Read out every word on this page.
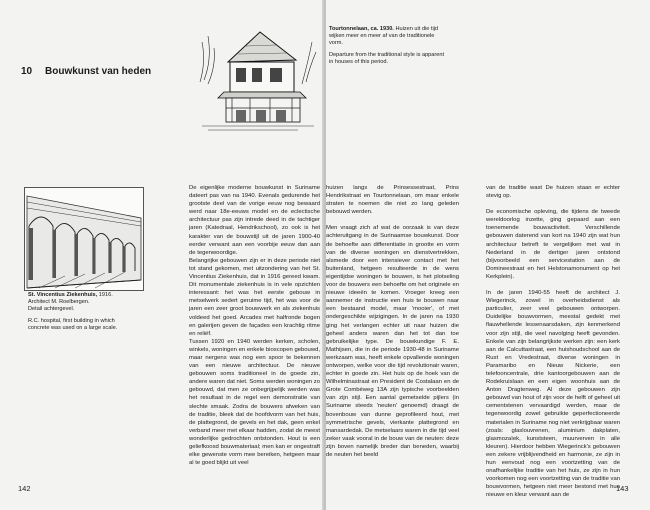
10 Bouwkunst van heden
St. Vincentius Ziekenhuis, 1916.
Architect M. Roelbergen.
Detail achtergevel.
R.C. hospital, first building in which concrete was used on a large scale.

De eigenlijke moderne bouwkunst in Suriname dateert pas van na 1940. Evenals gedurende het grootste deel van de vorige eeuw nog bewaard werd naar 18e-eeuws model en de eclectische architectuur pas zijn intrede deed in de tachtiger jaren (Katedraal, Hendrikschool), zo ook is het karakter van de bouwstijl uit de jaren 1900-40 eerder verwant aan een voorbije eeuw dan aan de tegenwoordige.

Belangrijke gebouwen zijn er in deze periode niet tot stand gekomen, met uitzondering van het St. Vincentius Ziekenhuis, dat in 1916 gereed kwam. Dit monumentale ziekenhuis is in vele opzichten interessant: het was het eerste gebouw in metselwerk sedert geruime tijd, het was voor de jaren een zeer groot bouwwerk en als ziekenhuis voldeed het goed. Arcades met halfronde bogen en galerijen geven de façades een krachtig ritme en reliëf.

Tussen 1920 en 1940 werden kerken, scholen, winkels, woningen en enkele bioscopen gebouwd, maar nergens was nog een spoor te bekennen van een nieuwe architectuur. De nieuwe gebouwen soms traditioneel in de goede zin, andere waren dat niet. Soms werden woningen zo gebouwd, dat men ze onbegrijpelijk werden was het resultaat in de regel een demonstratie van slechte smaak. Zodra de bouwers afweken van de traditie, bleek dat de hoofdvorm van het huis, de plattegrond, de gevels en het dak, geen enkel verband meer met elkaar hadden, zodat de meest wonderlijke gedrochten ontstonden. Hout is een geliefkoosd bouwmateriaal; men kan er ongestraft elke gewenste vorm mee bereiken, hetgeen maar al te goed blijkt uit veel

142

huizen langs de Prinsessestraat, Prins Hendrikstraat en Tourtonnelaan, om maar enkele straten te noemen die niet zo lang geleden bebouwd werden.

Men vraagt zich af wat de oorzaak is van deze achteruitgang in de Surinaamse bouwkunst. Door de behoefte aan differentiatie in grootte en vorm van de diverse woningen en dienstvertrekken, alsmede door een intensiever contact met het buitenland, hetgeen resulteerde in de wens eigentijdse woningen te bouwen, is het plotseling voor de bouwers een behoefte om het originele en nieuwe ideeën te komen. Vroeger kreeg een aannemer de instructie een huis te bouwen naar een bestaand model, maar 'mooier', of met ondergeschikte wijzigingen. In de jaren na 1930 ging het verlangen echter uit naar huizen die geheel anders waren dan het tot dan toe gebruikelijke type. De bouwkundige F. E. Mathijsen, die in de periode 1930-48 in Suriname werkzaam was, heeft enkele opvallende woningen ontworpen, welke voor die tijd revolutionair waren, echter in goede zin. Het huis op de hoek van de Wilhelminastraat en President de Costalaan en de Grote Combéweg 13A zijn typische voorbeelden van zijn stijl. Een aantal gemetselde pijlers (in Suriname steeds 'neuten' genoemd) draagt de bovenbouw van dunne geprofileerd hout, met symmetrische gevels, vierkante plattegrond en mansardedak. De metselaars waren in die tijd veel zeker vaak vooral in de bouw van de neuten: deze zijn boven namelijk breder dan beneden, waarbij de neuten het beeld

van de traditie wast De huizen staan er echter stevig op.

De economische opleving, die tijdens de tweede wereldoorlog inzette, ging gepaard aan een toenemende bouwactiviteit. Verschillende gebouwen daterend van kort na 1940 zijn wat hun architectuur betreft te vergelijken met wat in Nederland in de dertiger jaren ontstond (bijvoorbeeld een servicestation aan de Domineestraat en het Helstonamonument op het Kerkplein).

In de jaren 1940-55 heeft de architect J. Wiegerinck, zowel in overheidsdienst als particulier, zeer veel gebouwen ontworpen. Duidelijke bouwvormen, meestal gedekt met flauwhellende lessenaarsdaken, zijn kenmerkend voor zijn stijl, die veel navolging heeft gevonden. Enkele van zijn belangrijkste werken zijn: een kerk aan de Calcuttastraat, een huishoudschool aan de Rust en Vredestraat, diverse woningen in Paramaribo en Nieuw Nickerie, een telefooncentrale, drie kantoorgebouwen aan de Rodekruislaan en een eigen woonhuis aan de Anton Dragtenweg. Al deze gebouwen zijn gebouwd van hout of zijn voor de helft of geheel uit cementstenen vervaardigd werden, maar de tegenwoordig zowel gebruikte geperfectioneerde materialen in Suriname nog niet verkrijgbaar waren (zoals: glaslouvrenen, aluminium dakplaten, glasmozaïek, kunststeen, muurverven in alle kleuren). Hierdoor hebben Wiegerinck's gebouwen een zekere vrijblijvendheid en harmonie, ze zijn in hun eenvoud nog een voortzetting van de onafhankelijke traditie van het huis, ze zijn in hun voorkomen nog een voortzetting van de traditie van bouwvormen, hetgeen niet meer bestond met hun nieuwe en kleur verwant aan de

143
Tourtonnelaan, ca. 1930. Huizen uit die tijd wijken meer en meer af van de traditionele vorm.
Departure from the traditional style is apparent in houses of this period.
